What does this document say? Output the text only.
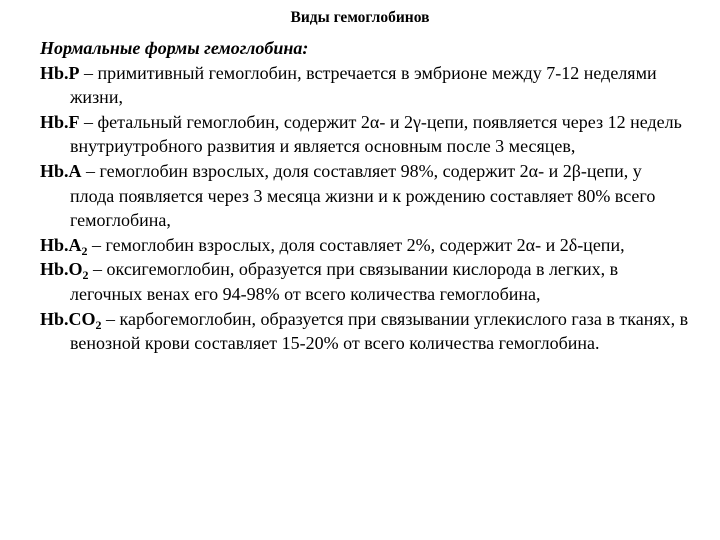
Виды гемоглобинов

Нормальные формы гемоглобина:

Hb.P – примитивный гемоглобин, встречается в эмбрионе между 7-12 неделями жизни,

Hb.F – фетальный гемоглобин, содержит 2α- и 2γ-цепи, появляется через 12 недель внутриутробного развития и является основным после 3 месяцев,

Hb.A – гемоглобин взрослых, доля составляет 98%, содержит 2α- и 2β-цепи, у плода появляется через 3 месяца жизни и к рождению составляет 80% всего гемоглобина,

$Hb.A_2$ – гемоглобин взрослых, доля составляет 2%, содержит 2α- и 2δ-цепи,

$Hb.O_2$ – оксигемоглобин, образуется при связывании кислорода в легких, в легочных венах его 94-98% от всего количества гемоглобина,

$Hb.CO_2$ – карбогемоглобин, образуется при связывании углекислого газа в тканях, в венозной крови составляет 15-20% от всего количества гемоглобина.
